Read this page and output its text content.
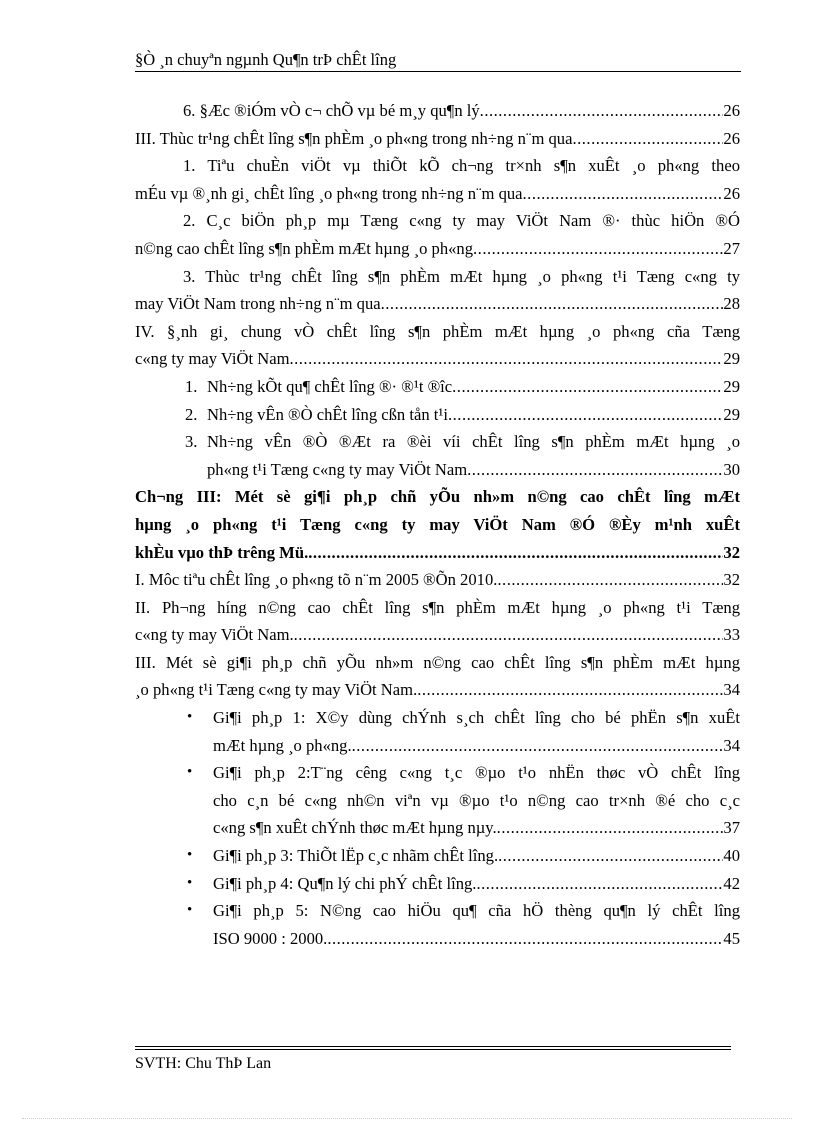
§Ò ¸n chuyªn ngµnh Qu¶n trÞ chÊt lîng
6. §Æc ®iÓm vÒ c¬ chÕ vµ bé m¸y qu¶n lý .....	26
III. Thùc tr¹ng chÊt lîng s¶n phÈm ¸o ph«ng trong nh÷ng n¨m qua .....	26
1. Tiªu chuÈn viÖt vµ thiÕt kÕ ch¬ng tr×nh s¶n xuÊt ¸o ph«ng theo
mÉu vµ ®¸nh gi¸ chÊt lîng ¸o ph«ng trong nh÷ng n¨m qua .....	26
2. C¸c biÖn ph¸p mµ Tæng c«ng ty may ViÖt Nam ®· thùc hiÖn ®Ó
n©ng cao chÊt lîng s¶n phÈm mÆt hµng ¸o ph«ng .....	27
3. Thùc tr¹ng chÊt lîng s¶n phÈm mÆt hµng ¸o ph«ng t¹i Tæng c«ng ty
may ViÖt Nam trong nh÷ng n¨m qua .....	28
IV. §¸nh gi¸ chung vÒ chÊt lîng s¶n phÈm mÆt hµng ¸o ph«ng cña Tæng
c«ng ty may ViÖt Nam .....	29
1. Nh÷ng kÕt qu¶ chÊt lîng ®· ®¹t ®îc .....	29
2. Nh÷ng vÊn ®Ò chÊt lîng cßn tån t¹i .....	29
3. Nh÷ng vÊn ®Ò ®Æt ra ®èi víi chÊt lîng s¶n phÈm mÆt hµng ¸o
ph«ng t¹i Tæng c«ng ty may ViÖt Nam .....	30
Ch¬ng III: Mét sè gi¶i ph¸p chñ yÕu nh»m n©ng cao chÊt lîng mÆt
hµng ¸o ph«ng t¹i Tæng c«ng ty may ViÖt Nam ®Ó ®Èy m¹nh xuÊt
khÈu vµo thÞ trêng Mü. .....	32
I. Môc tiªu chÊt lîng ¸o ph«ng tõ n¨m 2005 ®Õn 2010. .....	32
II. Ph¬ng híng n©ng cao chÊt lîng s¶n phÈm mÆt hµng ¸o ph«ng t¹i Tæng
c«ng ty may ViÖt Nam. .....	33
III. Mét sè gi¶i ph¸p chñ yÕu nh»m n©ng cao chÊt lîng s¶n phÈm mÆt hµng
¸o ph«ng t¹i Tæng c«ng ty may ViÖt Nam. .....	34
•	Gi¶i ph¸p 1: X©y dùng chÝnh s¸ch chÊt lîng cho bé phËn s¶n xuÊt
mÆt hµng ¸o ph«ng. .....	34
•	Gi¶i ph¸p 2:T¨ng cêng c«ng t¸c ®µo t¹o nhËn thøc vÒ chÊt lîng
cho c¸n bé c«ng nh©n viªn vµ ®µo t¹o n©ng cao tr×nh ®é cho c¸c
c«ng s¶n xuÊt chÝnh thøc mÆt hµng nµy. .....	37
•	Gi¶i ph¸p 3: ThiÕt lËp c¸c nhãm chÊt lîng. .....	40
•	Gi¶i ph¸p 4: Qu¶n lý chi phÝ chÊt lîng. .....	42
•	Gi¶i ph¸p 5: N©ng cao hiÖu qu¶ cña hÖ thèng qu¶n lý chÊt lîng
ISO 9000 : 2000. .....	45
SVTH: Chu ThÞ Lan
